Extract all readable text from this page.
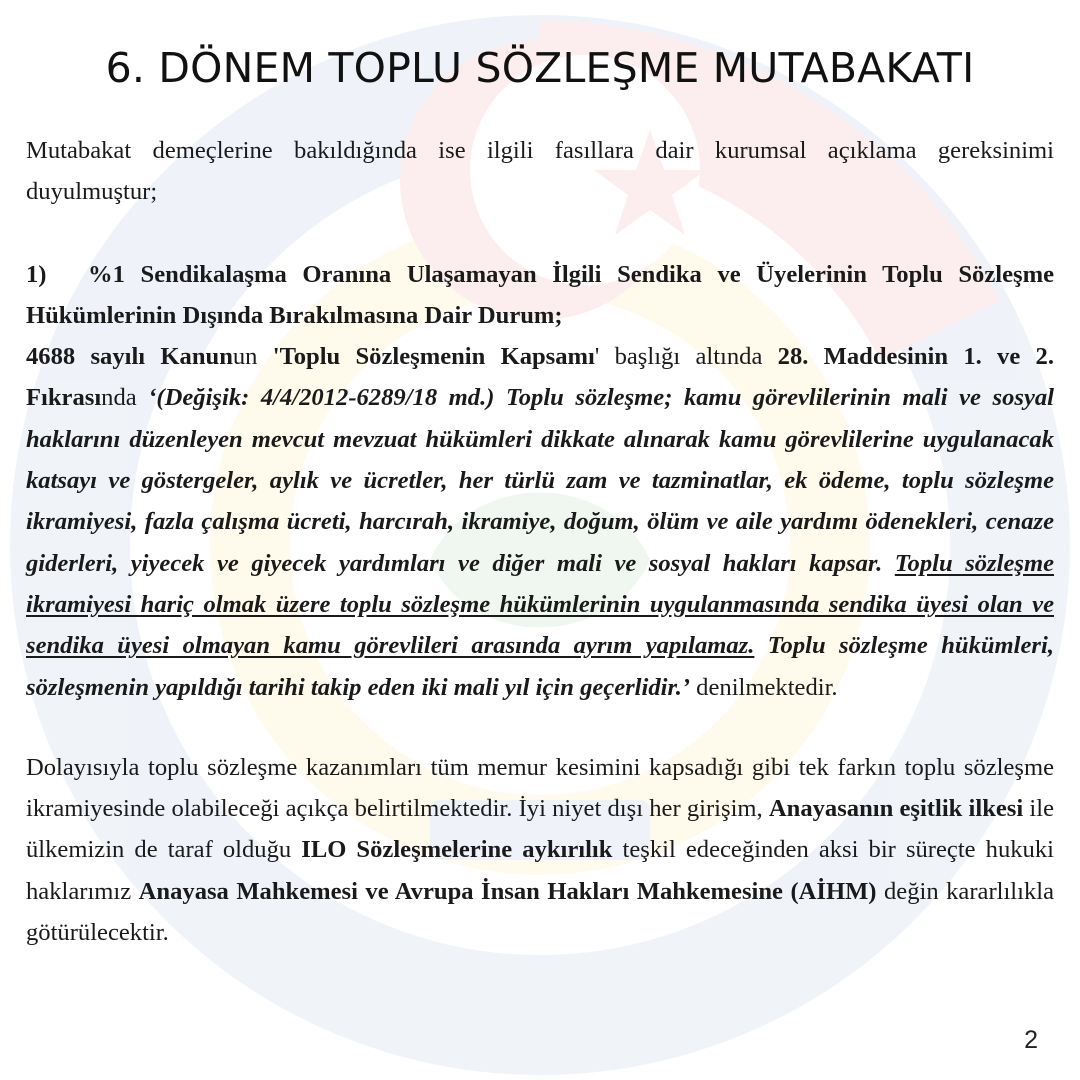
6. DÖNEM TOPLU SÖZLEŞME MUTABAKATI

Mutabakat demeçlerine bakıldığında ise ilgili fasıllara dair kurumsal açıklama gereksinimi duyulmuştur;

1) %1 Sendikalaşma Oranına Ulaşamayan İlgili Sendika ve Üyelerinin Toplu Sözleşme Hükümlerinin Dışında Bırakılmasına Dair Durum;

4688 sayılı Kanunun 'Toplu Sözleşmenin Kapsamı' başlığı altında 28. Maddesinin 1. ve 2. Fıkrasında ‘(Değişik: 4/4/2012-6289/18 md.) Toplu sözleşme; kamu görevlilerinin mali ve sosyal haklarını düzenleyen mevcut mevzuat hükümleri dikkate alınarak kamu görevlilerine uygulanacak katsayı ve göstergeler, aylık ve ücretler, her türlü zam ve tazminatlar, ek ödeme, toplu sözleşme ikramiyesi, fazla çalışma ücreti, harcırah, ikramiye, doğum, ölüm ve aile yardımı ödenekleri, cenaze giderleri, yiyecek ve giyecek yardımları ve diğer mali ve sosyal hakları kapsar. Toplu sözleşme ikramiyesi hariç olmak üzere toplu sözleşme hükümlerinin uygulanmasında sendika üyesi olan ve sendika üyesi olmayan kamu görevlileri arasında ayrım yapılamaz. Toplu sözleşme hükümleri, sözleşmenin yapıldığı tarihi takip eden iki mali yıl için geçerlidir.’ denilmektedir.

Dolayısıyla toplu sözleşme kazanımları tüm memur kesimini kapsadığı gibi tek farkın toplu sözleşme ikramiyesinde olabileceği açıkça belirtilmektedir. İyi niyet dışı her girişim, Anayasanın eşitlik ilkesi ile ülkemizin de taraf olduğu ILO Sözleşmelerine aykırılık teşkil edeceğinden aksi bir süreçte hukuki haklarımız Anayasa Mahkemesi ve Avrupa İnsan Hakları Mahkemesine (AİHM) değin kararlılıkla götürülecektir.

2
